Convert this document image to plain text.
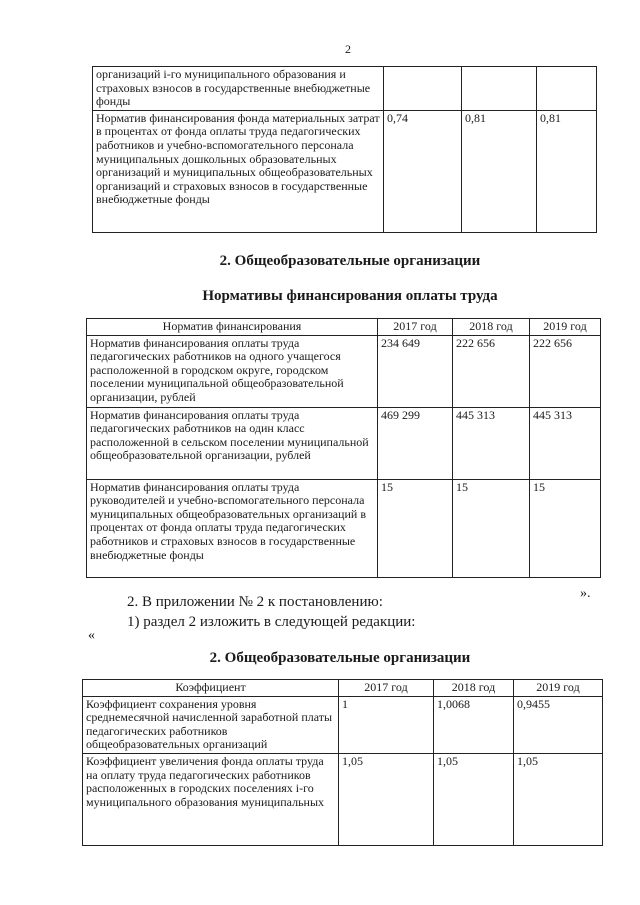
2
организаций i-го муниципального образования и страховых взносов в государственные внебюджетные фонды			
Норматив финансирования фонда материальных затрат в процентах от фонда оплаты труда педагогических работников и учебно-вспомогательного персонала муниципальных дошкольных образовательных организаций и муниципальных общеобразовательных организаций и страховых взносов в государственные внебюджетные фонды	0,74	0,81	0,81
2. Общеобразовательные организации
Нормативы финансирования оплаты труда
Норматив финансирования	2017 год	2018 год	2019 год
Норматив финансирования оплаты труда педагогических работников на одного учащегося расположенной в городском округе, городском поселении муниципальной общеобразовательной организации, рублей	234 649	222 656	222 656
Норматив финансирования оплаты труда педагогических работников на один класс расположенной в сельском поселении муниципальной общеобразовательной организации, рублей	469 299	445 313	445 313
Норматив финансирования оплаты труда руководителей и учебно-вспомогательного персонала муниципальных общеобразовательных организаций в процентах от фонда оплаты труда педагогических работников и страховых взносов в государственные внебюджетные фонды	15	15	15
».
2. В приложении № 2 к постановлению:
1) раздел 2 изложить в следующей редакции:
«
2. Общеобразовательные организации
Коэффициент	2017 год	2018 год	2019 год
Коэффициент сохранения уровня среднемесячной начисленной заработной платы педагогических работников общеобразовательных организаций	1	1,0068	0,9455
Коэффициент увеличения фонда оплаты труда на оплату труда педагогических работников расположенных в городских поселениях i-го муниципального образования муниципальных	1,05	1,05	1,05
